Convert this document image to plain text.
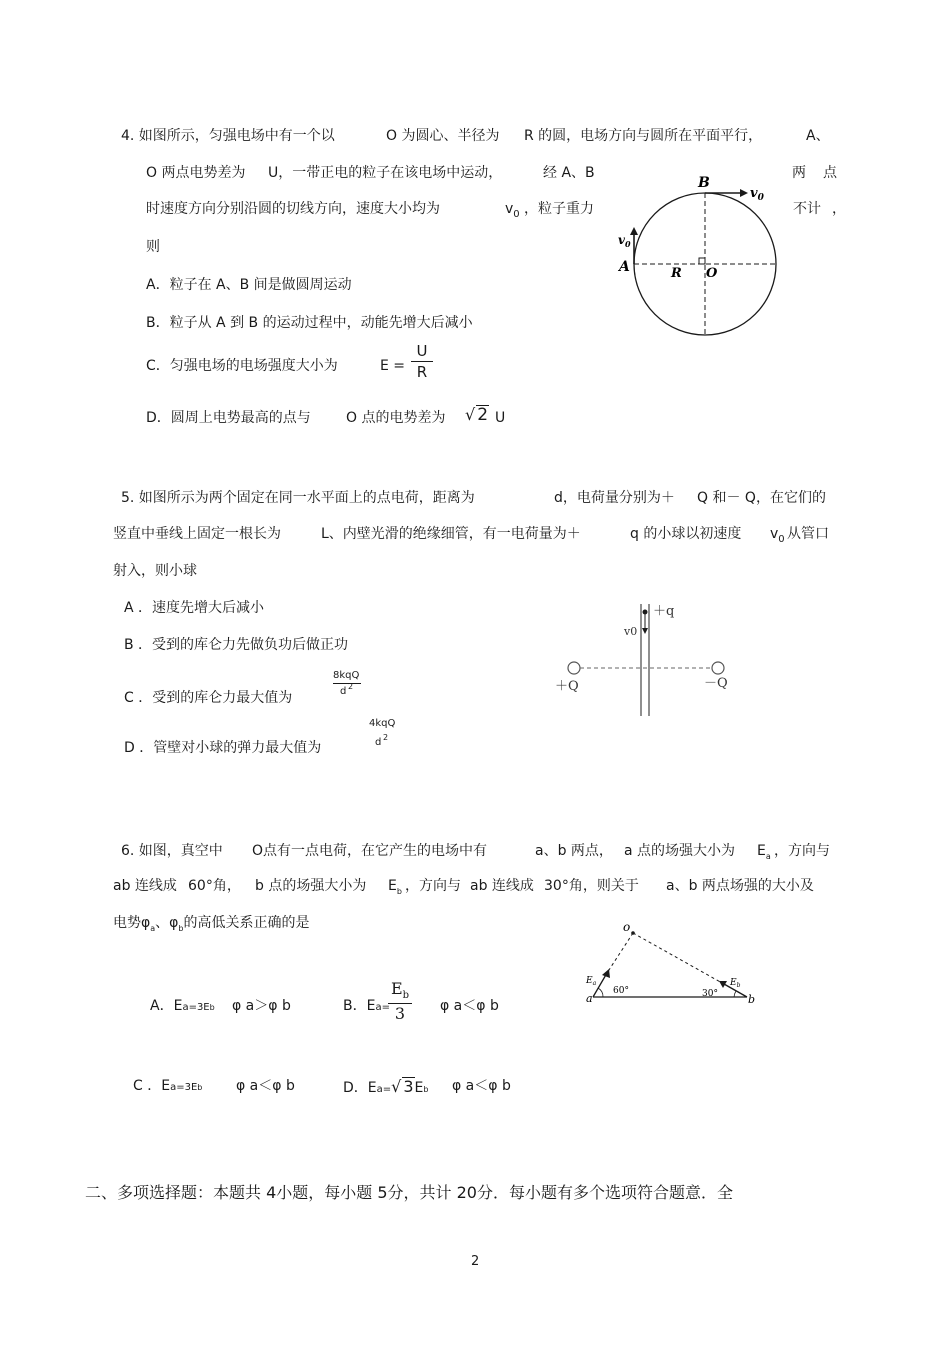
4. 如图所示，匀强电场中有一个以	O 为圆心、半径为 R 的圆，电场方向与圆所在平面平行，	A、
O 两点电势差为 U，一带正电的粒子在该电场中运动，	经 A、B	两 点
时速度方向分别沿圆的切线方向，速度大小均为	$v_0$ ，粒子重力	不计 ，
则
A．粒子在 A、B 间是做圆周运动
B．粒子从 A 到 B 的运动过程中，动能先增大后减小
C．匀强电场的电场强度大小为	E =
U
R
D．圆周上电势最高的点与	O 点的电势差为 √ 2 U
B
$v_0$
$v_0$
A	R O
5. 如图所示为两个固定在同一水平面上的点电荷，距离为	d，电荷量分别为＋ Q 和－ Q，在它们的
竖直中垂线上固定一根长为	L、内壁光滑的绝缘细管，有一电荷量为＋	q 的小球以初速度 $v_0$ 从管口
射入，则小球
A ．速度先增大后减小
B ．受到的库仑力先做负功后做正功
C ．受到的库仑力最大值为
8kqQ
d 2
D ．管壁对小球的弹力最大值为
4kqQ
d 2
＋q
v0
＋Q	－Q
6. 如图，真空中 O点有一点电荷，在它产生的电场中有	a、b 两点， a 点的场强大小为 $E_a$ ，方向与
ab 连线成 60°角， b 点的场强大小为 $E_b$ ，方向与 ab 连线成 30°角，则关于 a、b 两点场强的大小及
电势$\varphi_a$、$\varphi_b$的高低关系正确的是
A．Ea=3Eb φ a＞φ b	B．Ea=
$E_b$
3	φ a＜φ b
C ．Ea=3Eb φ a＜φ b	D．Ea=√ 3Eb φ a＜φ b
o
$E_a$	$E_b$
60°	30°
a	b
二、多项选择题：本题共 4小题，每小题 5分，共计 20分．每小题有多个选项符合题意．全
2
